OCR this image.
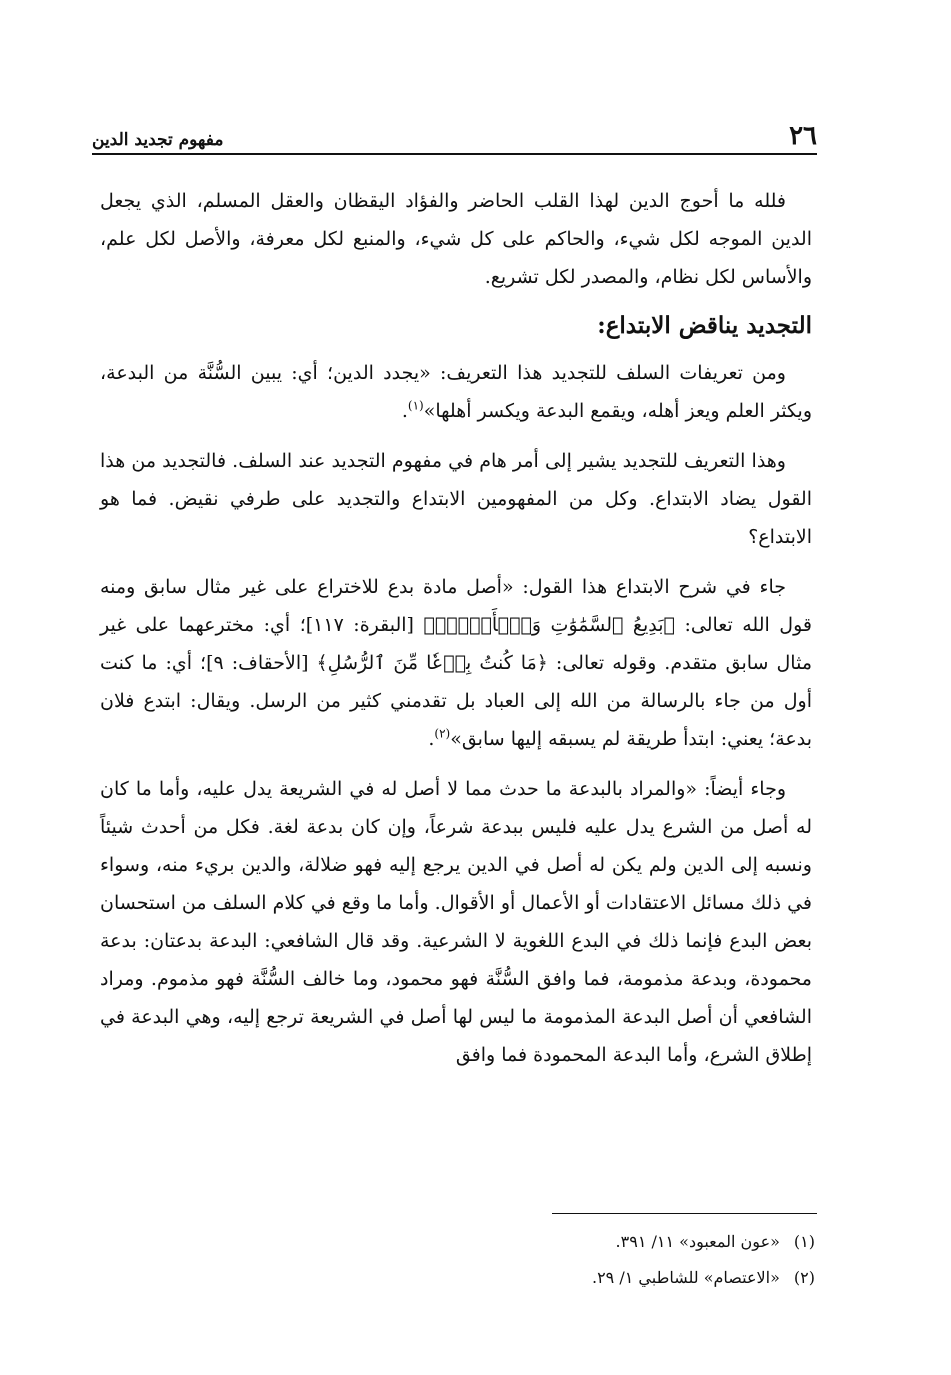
٢٦
مفهوم تجديد الدين

فلله ما أحوج الدين لهذا القلب الحاضر والفؤاد اليقظان والعقل المسلم، الذي يجعل الدين الموجه لكل شيء، والحاكم على كل شيء، والمنبع لكل معرفة، والأصل لكل علم، والأساس لكل نظام، والمصدر لكل تشريع.

التجديد يناقض الابتداع:

ومن تعريفات السلف للتجديد هذا التعريف: «يجدد الدين؛ أي: يبين السُّنَّة من البدعة، ويكثر العلم ويعز أهله، ويقمع البدعة ويكسر أهلها»$^{(١)}$.

وهذا التعريف للتجديد يشير إلى أمر هام في مفهوم التجديد عند السلف. فالتجديد من هذا القول يضاد الابتداع. وكل من المفهومين الابتداع والتجديد على طرفي نقيض. فما هو الابتداع؟

جاء في شرح الابتداع هذا القول: «أصل مادة بدع للاختراع على غير مثال سابق ومنه قول الله تعالى: ﴿بَدِيعُ ٱلسَّمَٰوَٰتِ وَٱلۡأَرۡضِۖ﴾ [البقرة: ١١٧]؛ أي: مخترعهما على غير مثال سابق متقدم. وقوله تعالى: ﴿مَا كُنتُ بِدۡعٗا مِّنَ ٱلرُّسُلِ﴾ [الأحقاف: ٩]؛ أي: ما كنت أول من جاء بالرسالة من الله إلى العباد بل تقدمني كثير من الرسل. ويقال: ابتدع فلان بدعة؛ يعني: ابتدأ طريقة لم يسبقه إليها سابق»$^{(٢)}$.

وجاء أيضاً: «والمراد بالبدعة ما حدث مما لا أصل له في الشريعة يدل عليه، وأما ما كان له أصل من الشرع يدل عليه فليس ببدعة شرعاً، وإن كان بدعة لغة. فكل من أحدث شيئاً ونسبه إلى الدين ولم يكن له أصل في الدين يرجع إليه فهو ضلالة، والدين بريء منه، وسواء في ذلك مسائل الاعتقادات أو الأعمال أو الأقوال. وأما ما وقع في كلام السلف من استحسان بعض البدع فإنما ذلك في البدع اللغوية لا الشرعية. وقد قال الشافعي: البدعة بدعتان: بدعة محمودة، وبدعة مذمومة، فما وافق السُّنَّة فهو محمود، وما خالف السُّنَّة فهو مذموم. ومراد الشافعي أن أصل البدعة المذمومة ما ليس لها أصل في الشريعة ترجع إليه، وهي البدعة في إطلاق الشرع، وأما البدعة المحمودة فما وافق

(١)
«عون المعبود» ١١/ ٣٩١.
(٢)
«الاعتصام» للشاطبي ١/ ٢٩.
